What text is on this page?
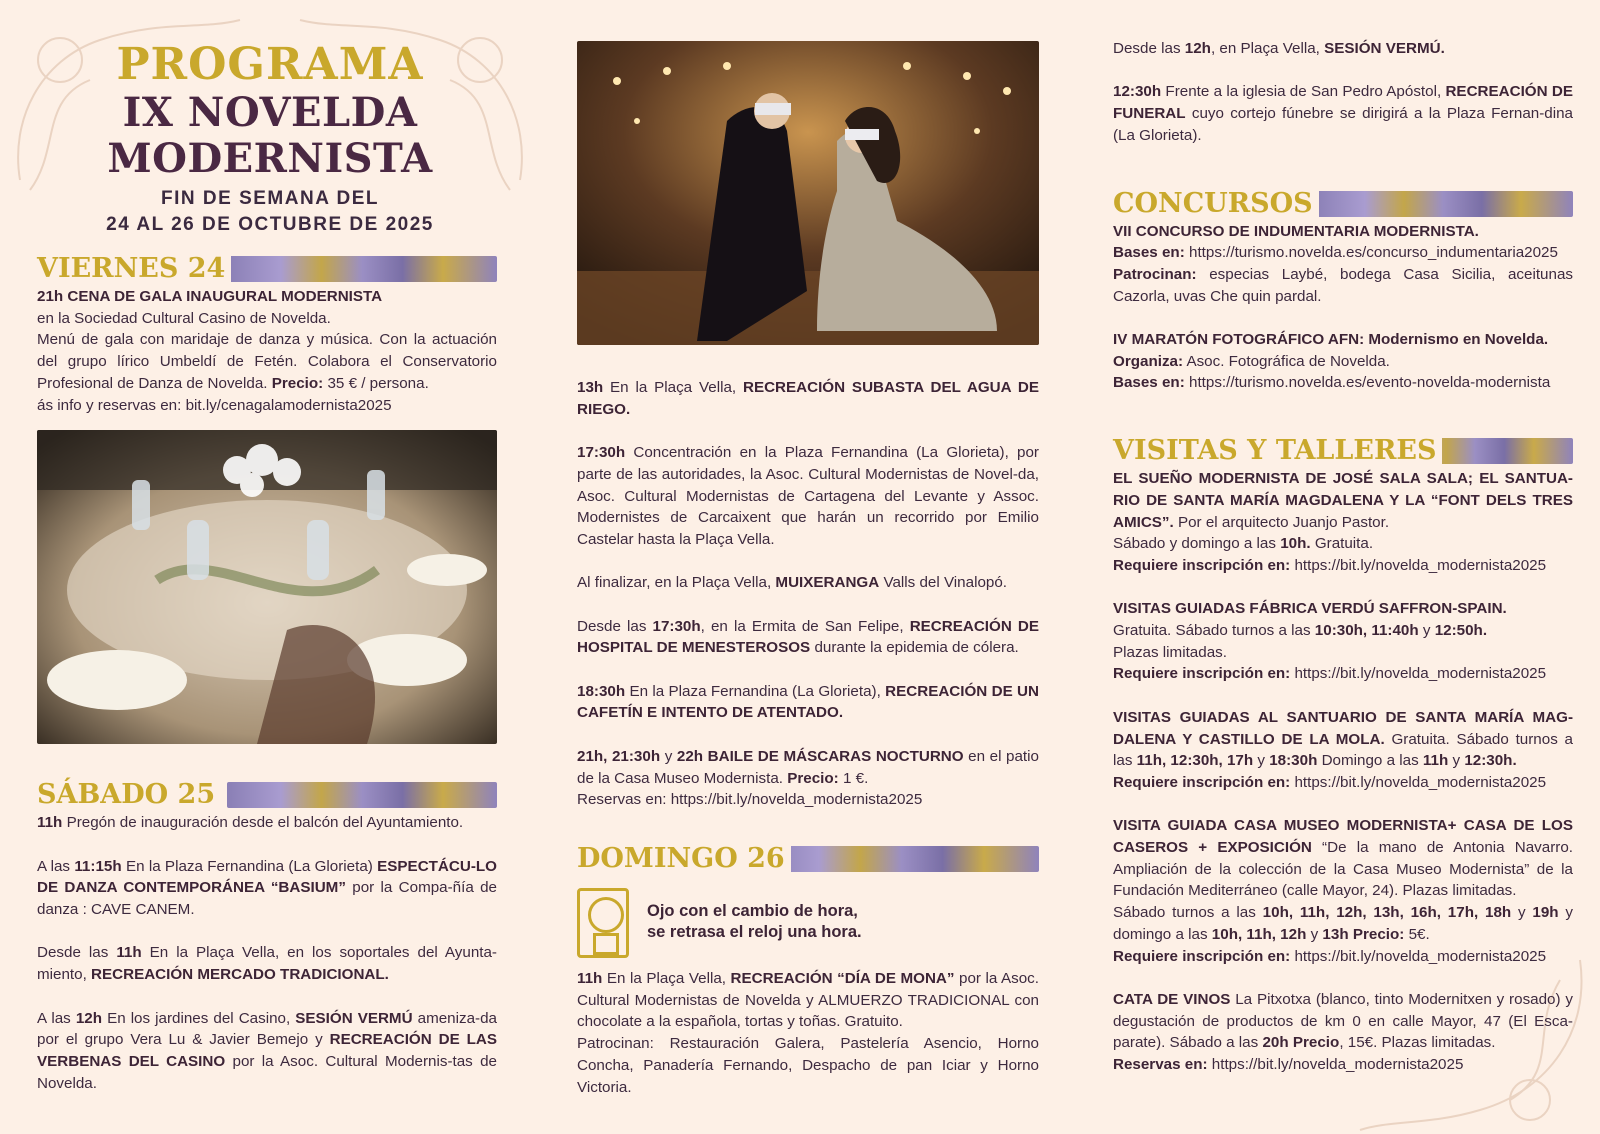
PROGRAMA
IX NOVELDA MODERNISTA
FIN DE SEMANA DEL
24 AL 26 DE OCTUBRE DE 2025
VIERNES 24

21h CENA DE GALA INAUGURAL MODERNISTA
en la Sociedad Cultural Casino de Novelda.
Menú de gala con maridaje de danza y música. Con la actuación del grupo lírico Umbeldí de Fetén. Colabora el Conservatorio Profesional de Danza de Novelda. Precio: 35 € / persona.
ás info y reservas en: bit.ly/cenagalamodernista2025

SÁBADO 25

11h Pregón de inauguración desde el balcón del Ayuntamiento.

A las 11:15h En la Plaza Fernandina (La Glorieta) ESPECTÁCU-LO DE DANZA CONTEMPORÁNEA “BASIUM” por la Compa-ñía de danza : CAVE CANEM.

Desde las 11h En la Plaça Vella, en los soportales del Ayunta-miento, RECREACIÓN MERCADO TRADICIONAL.

A las 12h En los jardines del Casino, SESIÓN VERMÚ ameniza-da por el grupo Vera Lu & Javier Bemejo y RECREACIÓN DE LAS VERBENAS DEL CASINO por la Asoc. Cultural Modernis-tas de Novelda.

13h En la Plaça Vella, RECREACIÓN SUBASTA DEL AGUA DE RIEGO.

17:30h Concentración en la Plaza Fernandina (La Glorieta), por parte de las autoridades, la Asoc. Cultural Modernistas de Novel-da, Asoc. Cultural Modernistas de Cartagena del Levante y Assoc. Modernistes de Carcaixent que harán un recorrido por Emilio Castelar hasta la Plaça Vella.

Al finalizar, en la Plaça Vella, MUIXERANGA Valls del Vinalopó.

Desde las 17:30h, en la Ermita de San Felipe, RECREACIÓN DE HOSPITAL DE MENESTEROSOS durante la epidemia de cólera.

18:30h En la Plaza Fernandina (La Glorieta), RECREACIÓN DE UN CAFETÍN E INTENTO DE ATENTADO.

21h, 21:30h y 22h BAILE DE MÁSCARAS NOCTURNO en el patio de la Casa Museo Modernista. Precio: 1 €.
Reservas en: https://bit.ly/novelda_modernista2025

DOMINGO 26
Ojo con el cambio de hora,
se retrasa el reloj una hora.

11h En la Plaça Vella, RECREACIÓN “DÍA DE MONA” por la Asoc. Cultural Modernistas de Novelda y ALMUERZO TRADICIONAL con chocolate a la española, tortas y toñas. Gratuito.
Patrocinan: Restauración Galera, Pastelería Asencio, Horno Concha, Panadería Fernando, Despacho de pan Iciar y Horno Victoria.

Desde las 12h, en Plaça Vella, SESIÓN VERMÚ.

12:30h Frente a la iglesia de San Pedro Apóstol, RECREACIÓN DE FUNERAL cuyo cortejo fúnebre se dirigirá a la Plaza Fernan-dina (La Glorieta).

CONCURSOS

VII CONCURSO DE INDUMENTARIA MODERNISTA.
Bases en: https://turismo.novelda.es/concurso_indumentaria2025
Patrocinan: especias Laybé, bodega Casa Sicilia, aceitunas Cazorla, uvas Che quin pardal.

IV MARATÓN FOTOGRÁFICO AFN: Modernismo en Novelda.
Organiza: Asoc. Fotográfica de Novelda.
Bases en: https://turismo.novelda.es/evento-novelda-modernista

VISITAS Y TALLERES

EL SUEÑO MODERNISTA DE JOSÉ SALA SALA; EL SANTUA-RIO DE SANTA MARÍA MAGDALENA Y LA “FONT DELS TRES AMICS”. Por el arquitecto Juanjo Pastor.
Sábado y domingo a las 10h. Gratuita.
Requiere inscripción en: https://bit.ly/novelda_modernista2025

VISITAS GUIADAS FÁBRICA VERDÚ SAFFRON-SPAIN.
Gratuita. Sábado turnos a las 10:30h, 11:40h y 12:50h.
Plazas limitadas.
Requiere inscripción en: https://bit.ly/novelda_modernista2025

VISITAS GUIADAS AL SANTUARIO DE SANTA MARÍA MAG-DALENA Y CASTILLO DE LA MOLA. Gratuita. Sábado turnos a las 11h, 12:30h, 17h y 18:30h Domingo a las 11h y 12:30h.
Requiere inscripción en: https://bit.ly/novelda_modernista2025

VISITA GUIADA CASA MUSEO MODERNISTA+ CASA DE LOS CASEROS + EXPOSICIÓN “De la mano de Antonia Navarro. Ampliación de la colección de la Casa Museo Modernista” de la Fundación Mediterráneo (calle Mayor, 24). Plazas limitadas.
Sábado turnos a las 10h, 11h, 12h, 13h, 16h, 17h, 18h y 19h y domingo a las 10h, 11h, 12h y 13h Precio: 5€.
Requiere inscripción en: https://bit.ly/novelda_modernista2025

CATA DE VINOS La Pitxotxa (blanco, tinto Modernitxen y rosado) y degustación de productos de km 0 en calle Mayor, 47 (El Esca-parate). Sábado a las 20h Precio, 15€. Plazas limitadas.
Reservas en: https://bit.ly/novelda_modernista2025
